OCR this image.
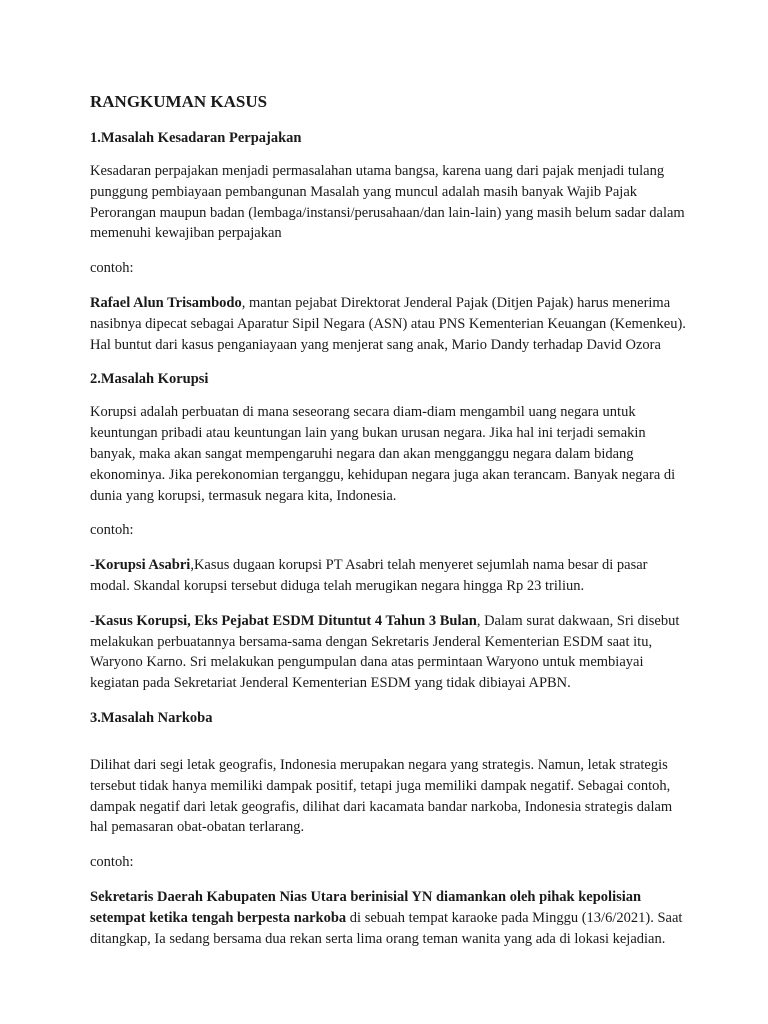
RANGKUMAN KASUS
1.Masalah Kesadaran Perpajakan

Kesadaran perpajakan menjadi permasalahan utama bangsa, karena uang dari pajak menjadi tulang punggung pembiayaan pembangunan Masalah yang muncul adalah masih banyak Wajib Pajak Perorangan maupun badan (lembaga/instansi/perusahaan/dan lain-lain) yang masih belum sadar dalam memenuhi kewajiban perpajakan

contoh:

Rafael Alun Trisambodo, mantan pejabat Direktorat Jenderal Pajak (Ditjen Pajak) harus menerima nasibnya dipecat sebagai Aparatur Sipil Negara (ASN) atau PNS Kementerian Keuangan (Kemenkeu). Hal buntut dari kasus penganiayaan yang menjerat sang anak, Mario Dandy terhadap David Ozora

2.Masalah Korupsi

Korupsi adalah perbuatan di mana seseorang secara diam-diam mengambil uang negara untuk keuntungan pribadi atau keuntungan lain yang bukan urusan negara. Jika hal ini terjadi semakin banyak, maka akan sangat mempengaruhi negara dan akan mengganggu negara dalam bidang ekonominya. Jika perekonomian terganggu, kehidupan negara juga akan terancam. Banyak negara di dunia yang korupsi, termasuk negara kita, Indonesia.

contoh:

-Korupsi Asabri,Kasus dugaan korupsi PT Asabri telah menyeret sejumlah nama besar di pasar modal. Skandal korupsi tersebut diduga telah merugikan negara hingga Rp 23 triliun.

-Kasus Korupsi, Eks Pejabat ESDM Dituntut 4 Tahun 3 Bulan, Dalam surat dakwaan, Sri disebut melakukan perbuatannya bersama-sama dengan Sekretaris Jenderal Kementerian ESDM saat itu, Waryono Karno. Sri melakukan pengumpulan dana atas permintaan Waryono untuk membiayai kegiatan pada Sekretariat Jenderal Kementerian ESDM yang tidak dibiayai APBN.

3.Masalah Narkoba

Dilihat dari segi letak geografis, Indonesia merupakan negara yang strategis. Namun, letak strategis tersebut tidak hanya memiliki dampak positif, tetapi juga memiliki dampak negatif. Sebagai contoh, dampak negatif dari letak geografis, dilihat dari kacamata bandar narkoba, Indonesia strategis dalam hal pemasaran obat-obatan terlarang.

contoh:

Sekretaris Daerah Kabupaten Nias Utara berinisial YN diamankan oleh pihak kepolisian setempat ketika tengah berpesta narkoba di sebuah tempat karaoke pada Minggu (13/6/2021). Saat ditangkap, Ia sedang bersama dua rekan serta lima orang teman wanita yang ada di lokasi kejadian.
